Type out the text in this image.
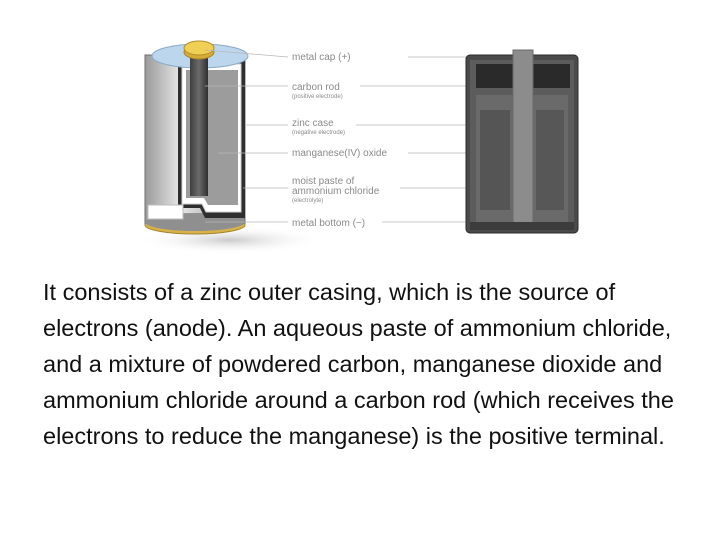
metal cap (+)
carbon rod
(positive electrode)
zinc case
(negative electrode)
manganese(IV) oxide
moist paste of
ammonium chloride
(electrolyte)
metal bottom (−)

It consists of a zinc outer casing, which is the source of electrons (anode). An aqueous paste of ammonium chloride, and a mixture of powdered carbon, manganese dioxide and ammonium chloride around a carbon rod (which receives the electrons to reduce the manganese) is the positive terminal.
